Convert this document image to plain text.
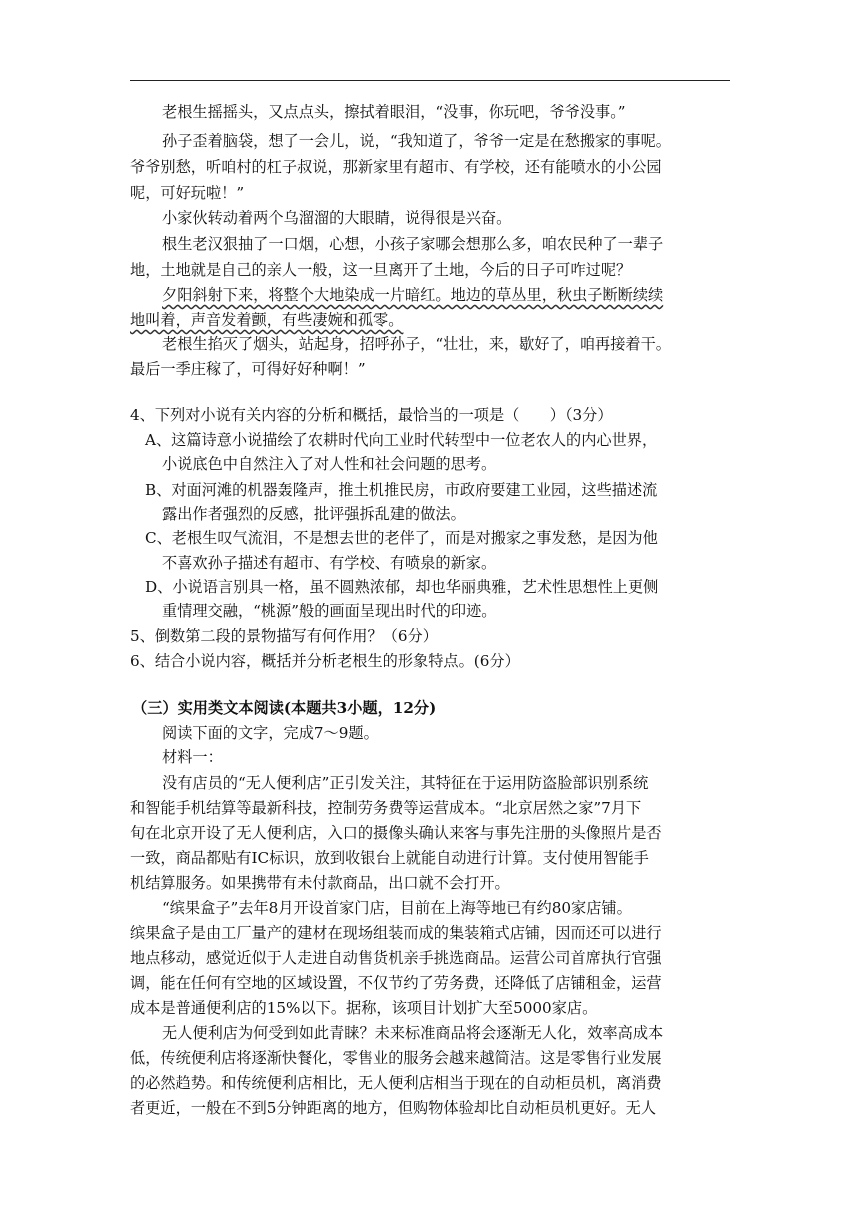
老根生摇摇头，又点点头，擦拭着眼泪，“没事，你玩吧，爷爷没事。”

孙子歪着脑袋，想了一会儿，说，“我知道了，爷爷一定是在愁搬家的事呢。

爷爷别愁，听咱村的杠子叔说，那新家里有超市、有学校，还有能喷水的小公园

呢，可好玩啦！”

小家伙转动着两个乌溜溜的大眼睛，说得很是兴奋。

根生老汉狠抽了一口烟，心想，小孩子家哪会想那么多，咱农民种了一辈子

地，土地就是自己的亲人一般，这一旦离开了土地，今后的日子可咋过呢？

夕阳斜射下来，将整个大地染成一片暗红。地边的草丛里，秋虫子断断续续

地叫着，声音发着颤，有些凄婉和孤零。

老根生掐灭了烟头，站起身，招呼孙子，“壮壮，来，歇好了，咱再接着干。

最后一季庄稼了，可得好好种啊！”

4、下列对小说有关内容的分析和概括，最恰当的一项是（　　）（3分）

A、这篇诗意小说描绘了农耕时代向工业时代转型中一位老农人的内心世界，

小说底色中自然注入了对人性和社会问题的思考。

B、对面河滩的机器轰隆声，推土机推民房，市政府要建工业园，这些描述流

露出作者强烈的反感，批评强拆乱建的做法。

C、老根生叹气流泪，不是想去世的老伴了，而是对搬家之事发愁，是因为他

不喜欢孙子描述有超市、有学校、有喷泉的新家。

D、小说语言别具一格，虽不圆熟浓郁，却也华丽典雅，艺术性思想性上更侧

重情理交融，“桃源”般的画面呈现出时代的印迹。

5、倒数第二段的景物描写有何作用？（6分）

6、结合小说内容，概括并分析老根生的形象特点。(6分）

（三）实用类文本阅读(本题共3小题，12分)

阅读下面的文字，完成7～9题。

材料一：

没有店员的“无人便利店”正引发关注，其特征在于运用防盗脸部识别系统

和智能手机结算等最新科技，控制劳务费等运营成本。“北京居然之家”7月下

旬在北京开设了无人便利店，入口的摄像头确认来客与事先注册的头像照片是否

一致，商品都贴有IC标识，放到收银台上就能自动进行计算。支付使用智能手

机结算服务。如果携带有未付款商品，出口就不会打开。

“缤果盒子”去年8月开设首家门店，目前在上海等地已有约80家店铺。

缤果盒子是由工厂量产的建材在现场组装而成的集装箱式店铺，因而还可以进行

地点移动，感觉近似于人走进自动售货机亲手挑选商品。运营公司首席执行官强

调，能在任何有空地的区域设置，不仅节约了劳务费，还降低了店铺租金，运营

成本是普通便利店的15%以下。据称，该项目计划扩大至5000家店。

无人便利店为何受到如此青睐？未来标准商品将会逐渐无人化，效率高成本

低，传统便利店将逐渐快餐化，零售业的服务会越来越简洁。这是零售行业发展

的必然趋势。和传统便利店相比，无人便利店相当于现在的自动柜员机，离消费

者更近，一般在不到5分钟距离的地方，但购物体验却比自动柜员机更好。无人
